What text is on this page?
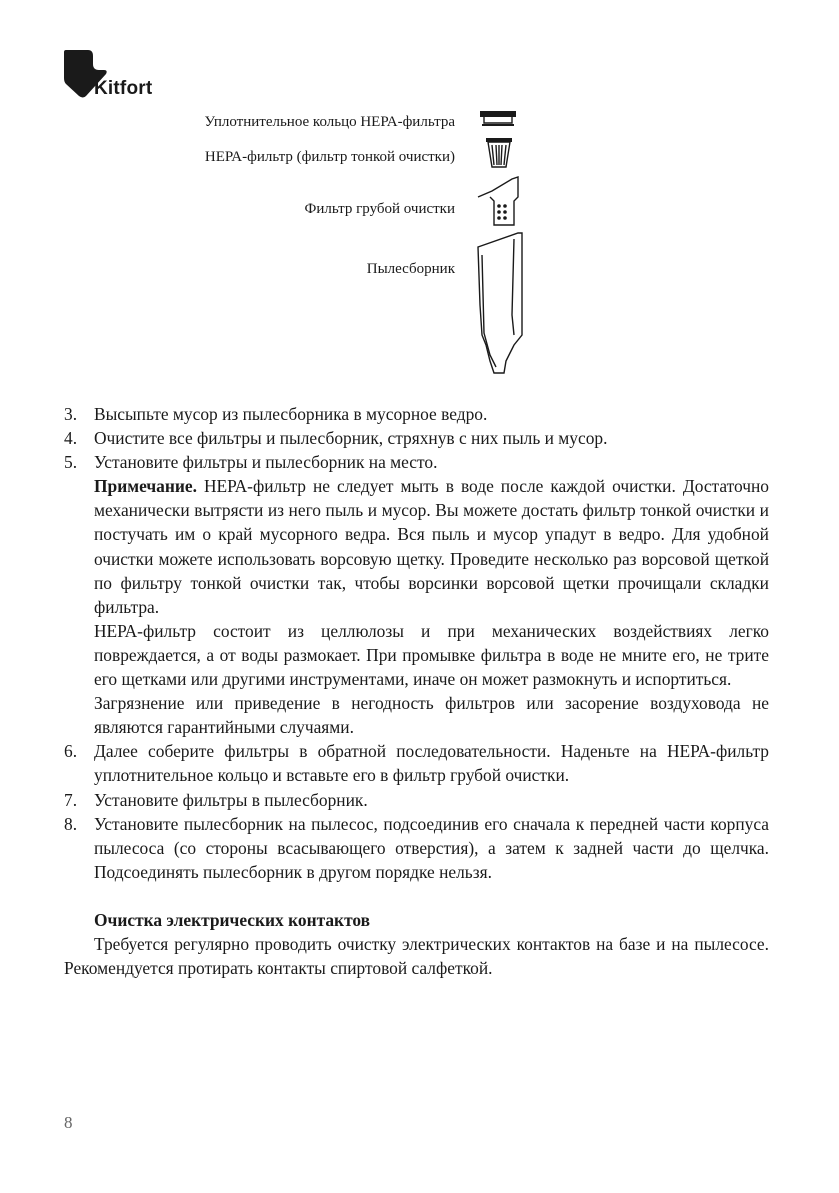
Kitfort
Уплотнительное кольцо НЕРА-фильтра
НЕРА-фильтр (фильтр тонкой очистки)
Фильтр грубой очистки
Пылесборник
3. Высыпьте мусор из пылесборника в мусорное ведро.
4. Очистите все фильтры и пылесборник, стряхнув с них пыль и мусор.
5. Установите фильтры и пылесборник на место.
Примечание. НЕРА-фильтр не следует мыть в воде после каждой очистки. Достаточно механически вытрясти из него пыль и мусор. Вы можете достать фильтр тонкой очистки и постучать им о край мусорного ведра. Вся пыль и мусор упадут в ведро. Для удобной очистки можете использовать ворсовую щетку. Проведите несколько раз ворсовой щеткой по фильтру тонкой очистки так, чтобы ворсинки ворсовой щетки прочищали складки фильтра.
НЕРА-фильтр состоит из целлюлозы и при механических воздействиях легко повреждается, а от воды размокает. При промывке фильтра в воде не мните его, не трите его щетками или другими инструментами, иначе он может размокнуть и испортиться.
Загрязнение или приведение в негодность фильтров или засорение воздуховода не являются гарантийными случаями.
6. Далее соберите фильтры в обратной последовательности. Наденьте на НЕРА-фильтр уплотнительное кольцо и вставьте его в фильтр грубой очистки.
7. Установите фильтры в пылесборник.
8. Установите пылесборник на пылесос, подсоединив его сначала к передней части корпуса пылесоса (со стороны всасывающего отверстия), а затем к задней части до щелчка. Подсоединять пылесборник в другом порядке нельзя.
Очистка электрических контактов
Требуется регулярно проводить очистку электрических контактов на базе и на пылесосе. Рекомендуется протирать контакты спиртовой салфеткой.
8
